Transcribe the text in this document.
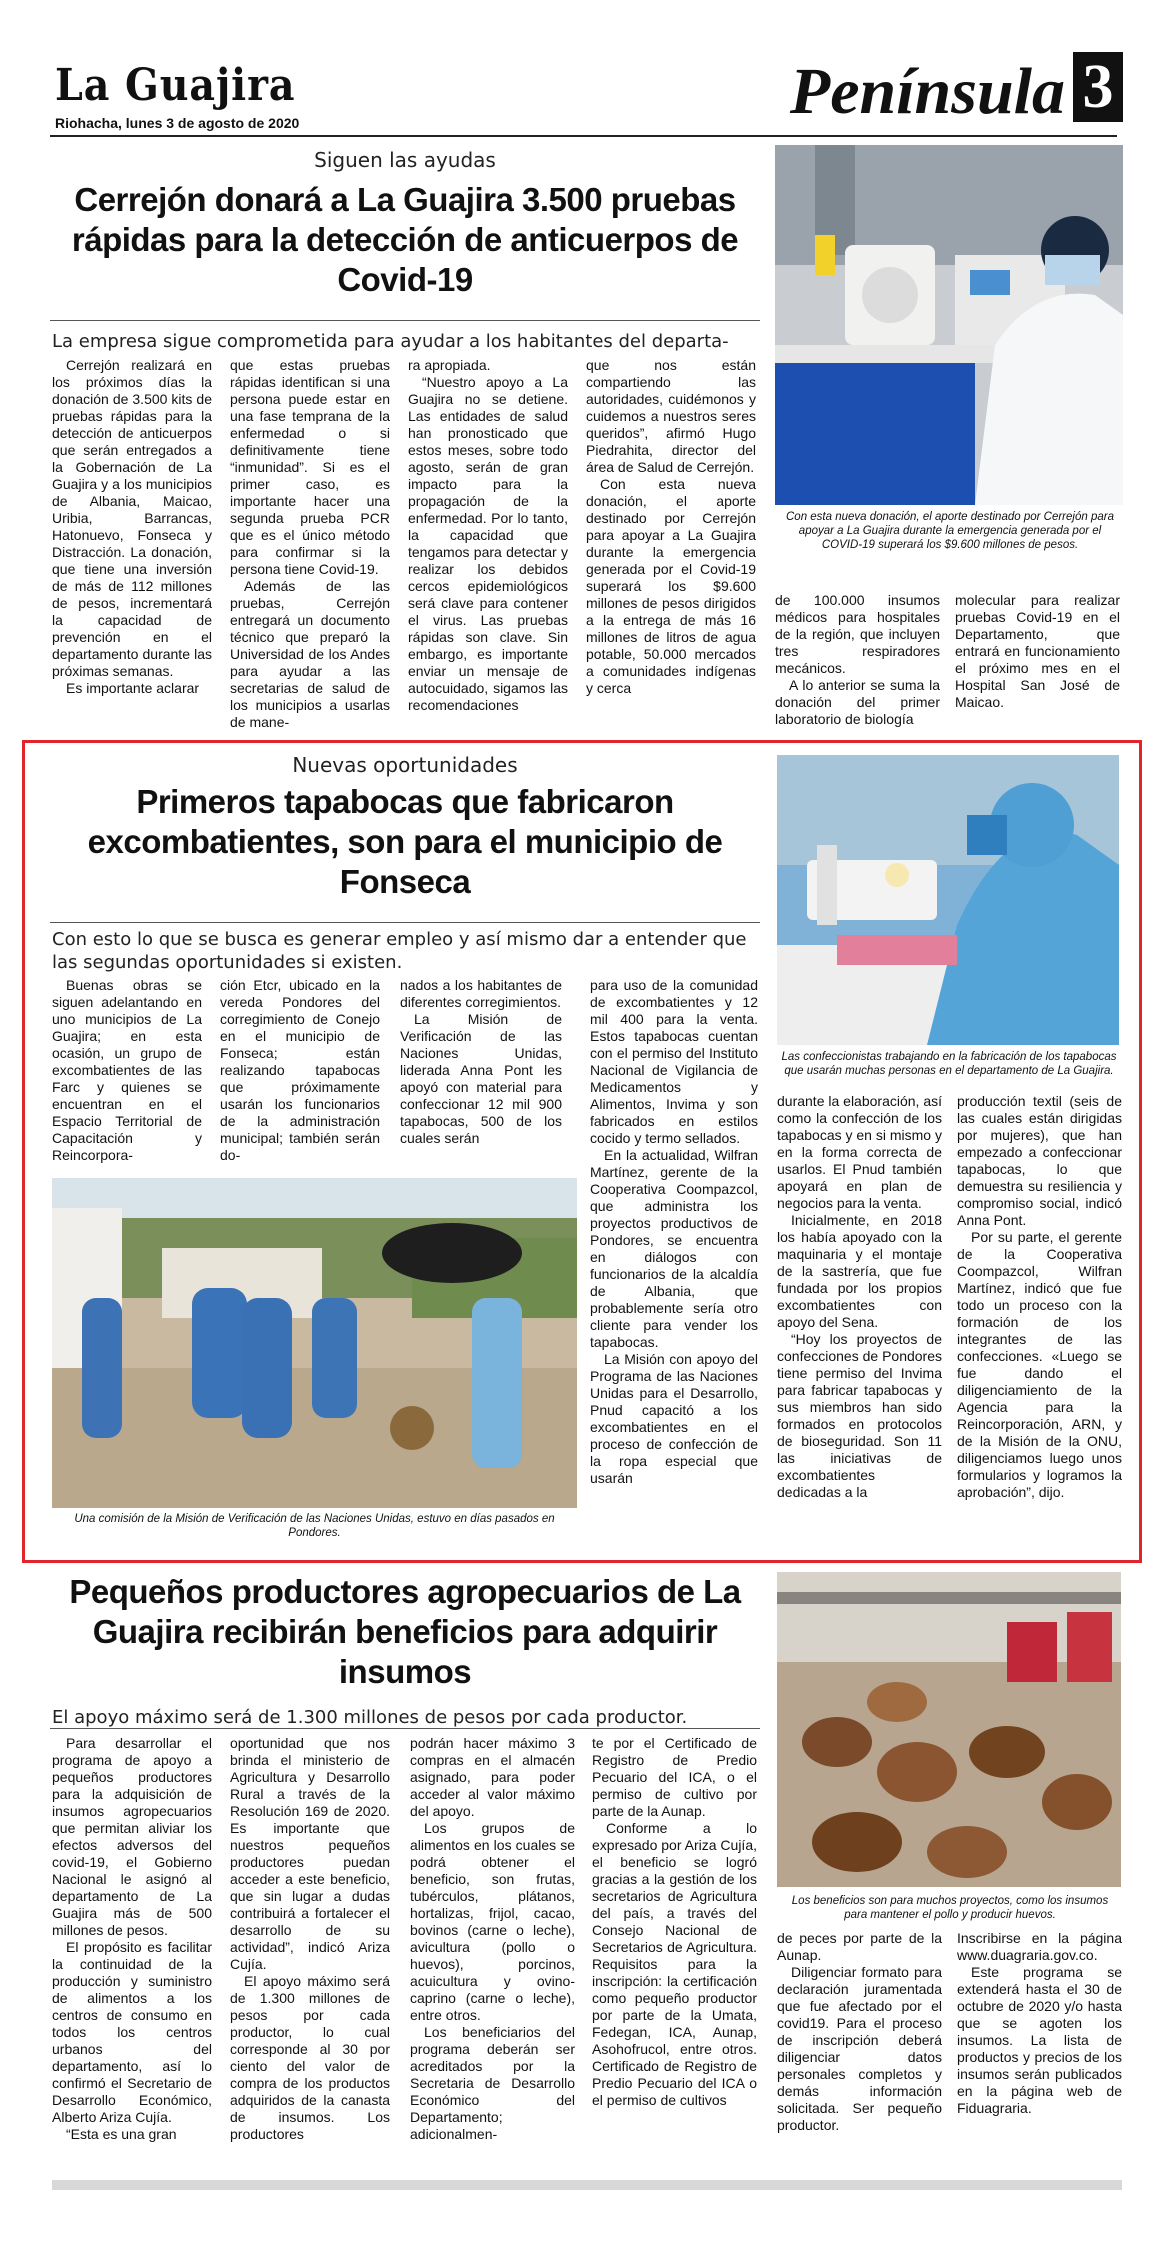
La Guajira
Riohacha, lunes 3 de agosto de 2020	Península 3
Siguen las ayudas
Cerrejón donará a La Guajira 3.500 pruebas rápidas para la detección de anticuerpos de Covid-19
La empresa sigue comprometida para ayudar a los habitantes del departa-
Con esta nueva donación, el aporte destinado por Cerrejón para apoyar a La Guajira durante la emergencia generada por el COVID-19 superará los $9.600 millones de pesos.

Cerrejón realizará en los próximos días la donación de 3.500 kits de pruebas rápidas para la detección de anticuerpos que serán entregados a la Gobernación de La Guajira y a los municipios de Albania, Maicao, Uribia, Barrancas, Hatonuevo, Fonseca y Distracción. La donación, que tiene una inversión de más de 112 millones de pesos, incrementará la capacidad de prevención en el departamento durante las próximas semanas.

Es importante aclarar

que estas pruebas rápidas identifican si una persona puede estar en una fase temprana de la enfermedad o si definitivamente tiene “inmunidad”. Si es el primer caso, es importante hacer una segunda prueba PCR que es el único método para confirmar si la persona tiene Covid-19.

Además de las pruebas, Cerrejón entregará un documento técnico que preparó la Universidad de los Andes para ayudar a las secretarias de salud de los municipios a usarlas de mane-

ra apropiada.

“Nuestro apoyo a La Guajira no se detiene. Las entidades de salud han pronosticado que estos meses, sobre todo agosto, serán de gran impacto para la propagación de la enfermedad. Por lo tanto, la capacidad que tengamos para detectar y realizar los debidos cercos epidemiológicos será clave para contener el virus. Las pruebas rápidas son clave. Sin embargo, es importante enviar un mensaje de autocuidado, sigamos las recomendaciones

que nos están compartiendo las autoridades, cuidémonos y cuidemos a nuestros seres queridos”, afirmó Hugo Piedrahita, director del área de Salud de Cerrejón.

Con esta nueva donación, el aporte destinado por Cerrejón para apoyar a La Guajira durante la emergencia generada por el Covid-19 superará los $9.600 millones de pesos dirigidos a la entrega de más 16 millones de litros de agua potable, 50.000 mercados a comunidades indígenas y cerca

de 100.000 insumos médicos para hospitales de la región, que incluyen tres respiradores mecánicos.

A lo anterior se suma la donación del primer laboratorio de biología

molecular para realizar pruebas Covid-19 en el Departamento, que entrará en funcionamiento el próximo mes en el Hospital San José de Maicao.

Nuevas oportunidades
Primeros tapabocas que fabricaron excombatientes, son para el municipio de Fonseca
Con esto lo que se busca es generar empleo y así mismo dar a entender que las segundas oportunidades si existen.
Las confeccionistas trabajando en la fabricación de los tapabocas que usarán muchas personas en el departamento de La Guajira.

Buenas obras se siguen adelantando en uno municipios de La Guajira; en esta ocasión, un grupo de excombatientes de las Farc y quienes se encuentran en el Espacio Territorial de Capacitación y Reincorpora-

ción Etcr, ubicado en la vereda Pondores del corregimiento de Conejo en el municipio de Fonseca; están realizando tapabocas que próximamente usarán los funcionarios de la administración municipal; también serán do-

nados a los habitantes de diferentes corregimientos.

La Misión de Verificación de las Naciones Unidas, liderada Anna Pont les apoyó con material para confeccionar 12 mil 900 tapabocas, 500 de los cuales serán

para uso de la comunidad de excombatientes y 12 mil 400 para la venta. Estos tapabocas cuentan con el permiso del Instituto Nacional de Vigilancia de Medicamentos y Alimentos, Invima y son fabricados en estilos cocido y termo sellados.

En la actualidad, Wilfran Martínez, gerente de la Cooperativa Coompazcol, que administra los proyectos productivos de Pondores, se encuentra en diálogos con funcionarios de la alcaldía de Albania, que probablemente sería otro cliente para vender los tapabocas.

La Misión con apoyo del Programa de las Naciones Unidas para el Desarrollo, Pnud capacitó a los excombatientes en el proceso de confección de la ropa especial que usarán

durante la elaboración, así como la confección de los tapabocas y en si mismo y en la forma correcta de usarlos. El Pnud también apoyará en plan de negocios para la venta.

Inicialmente, en 2018 los había apoyado con la maquinaria y el montaje de la sastrería, que fue fundada por los propios excombatientes con apoyo del Sena.

“Hoy los proyectos de confecciones de Pondores tiene permiso del Invima para fabricar tapabocas y sus miembros han sido formados en protocolos de bioseguridad. Son 11 las iniciativas de excombatientes dedicadas a la

producción textil (seis de las cuales están dirigidas por mujeres), que han empezado a confeccionar tapabocas, lo que demuestra su resiliencia y compromiso social, indicó Anna Pont.

Por su parte, el gerente de la Cooperativa Coompazcol, Wilfran Martínez, indicó que fue todo un proceso con la formación de los integrantes de las confecciones. «Luego se fue dando el diligenciamiento de la Agencia para la Reincorporación, ARN, y de la Misión de la ONU, diligenciamos luego unos formularios y logramos la aprobación”, dijo.

Una comisión de la Misión de Verificación de las Naciones Unidas, estuvo en días pasados en Pondores.
Pequeños productores agropecuarios de La Guajira recibirán beneficios para adquirir insumos
El apoyo máximo será de 1.300 millones de pesos por cada productor.
Los beneficios son para muchos proyectos, como los insumos para mantener el pollo y producir huevos.

Para desarrollar el programa de apoyo a pequeños productores para la adquisición de insumos agropecuarios que permitan aliviar los efectos adversos del covid-19, el Gobierno Nacional le asignó al departamento de La Guajira más de 500 millones de pesos.

El propósito es facilitar la continuidad de la producción y suministro de alimentos a los centros de consumo en todos los centros urbanos del departamento, así lo confirmó el Secretario de Desarrollo Económico, Alberto Ariza Cujía.

“Esta es una gran

oportunidad que nos brinda el ministerio de Agricultura y Desarrollo Rural a través de la Resolución 169 de 2020. Es importante que nuestros pequeños productores puedan acceder a este beneficio, que sin lugar a dudas contribuirá a fortalecer el desarrollo de su actividad”, indicó Ariza Cujía.

El apoyo máximo será de 1.300 millones de pesos por cada productor, lo cual corresponde al 30 por ciento del valor de compra de los productos adquiridos de la canasta de insumos. Los productores

podrán hacer máximo 3 compras en el almacén asignado, para poder acceder al valor máximo del apoyo.

Los grupos de alimentos en los cuales se podrá obtener el beneficio, son frutas, tubérculos, plátanos, hortalizas, frijol, cacao, bovinos (carne o leche), avicultura (pollo o huevos), porcinos, acuicultura y ovino-caprino (carne o leche), entre otros.

Los beneficiarios del programa deberán ser acreditados por la Secretaria de Desarrollo Económico del Departamento; adicionalmen-

te por el Certificado de Registro de Predio Pecuario del ICA, o el permiso de cultivo por parte de la Aunap.

Conforme a lo expresado por Ariza Cujía, el beneficio se logró gracias a la gestión de los secretarios de Agricultura del país, a través del Consejo Nacional de Secretarios de Agricultura. Requisitos para la inscripción: la certificación como pequeño productor por parte de la Umata, Fedegan, ICA, Aunap, Asohofrucol, entre otros. Certificado de Registro de Predio Pecuario del ICA o el permiso de cultivos

de peces por parte de la Aunap.

Diligenciar formato para declaración juramentada que fue afectado por el covid19. Para el proceso de inscripción deberá diligenciar datos personales completos y demás información solicitada. Ser pequeño productor.

Inscribirse en la página www.duagraria.gov.co.

Este programa se extenderá hasta el 30 de octubre de 2020 y/o hasta que se agoten los insumos. La lista de productos y precios de los insumos serán publicados en la página web de Fiduagraria.
